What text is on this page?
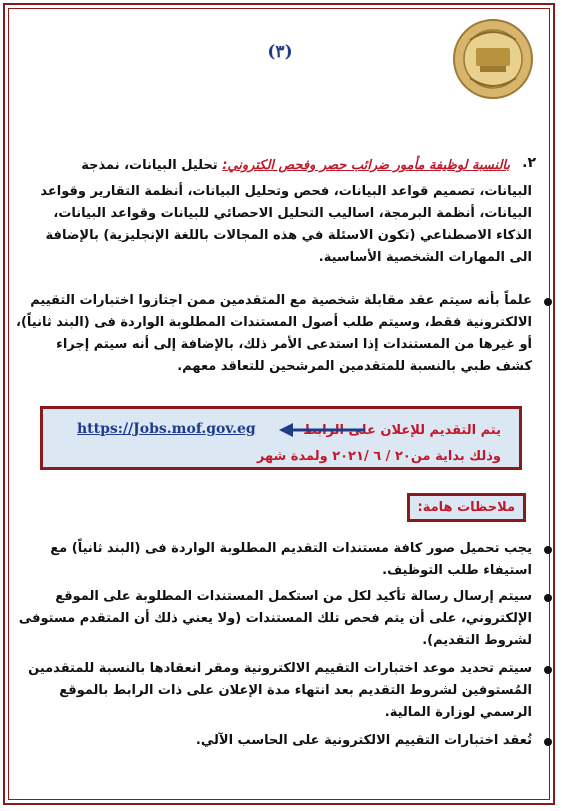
(٣)
٢.
بالنسبة لوظيفة مأمور ضرائب حصر وفحص الكتروني: تحليل البيانات، نمذجة
البيانات، تصميم قواعد البيانات، فحص وتحليل البيانات، أنظمة التقارير وقواعد
البيانات، أنظمة البرمجة، اساليب التحليل الاحصائي للبيانات وقواعد البيانات،
الذكاء الاصطناعي (تكون الاسئلة في هذه المجالات باللغة الإنجليزية) بالإضافة
الى المهارات الشخصية الأساسية.
علماً بأنه سيتم عقد مقابلة شخصية مع المتقدمين ممن اجتازوا اختبارات التقييم
الالكترونية فقط، وسيتم طلب أصول المستندات المطلوبة الواردة فى (البند ثانياً)،
أو غيرها من المستندات إذا استدعى الأمر ذلك، بالإضافة إلى أنه سيتم إجراء
كشف طبي بالنسبة للمتقدمين المرشحين للتعاقد معهم.
يتم التقديم للإعلان على الرابط
https://Jobs.mof.gov.eg
وذلك بداية من٢٠ / ٦ /٢٠٢١ ولمدة شهر
ملاحظات هامة:
يجب تحميل صور كافة مستندات التقديم المطلوبة الواردة فى (البند ثانياً) مع
استيفاء طلب التوظيف.
سيتم إرسال رسالة تأكيد لكل من استكمل المستندات المطلوبة على الموقع
الإلكتروني، على أن يتم فحص تلك المستندات (ولا يعني ذلك أن المتقدم مستوفى
لشروط التقديم).
سيتم تحديد موعد اختبارات التقييم الالكترونية ومقر انعقادها بالنسبة للمتقدمين
المُستوفين لشروط التقديم بعد انتهاء مدة الإعلان على ذات الرابط بالموقع
الرسمي لوزارة المالية.
تُعقد اختبارات التقييم الالكترونية على الحاسب الآلي.
